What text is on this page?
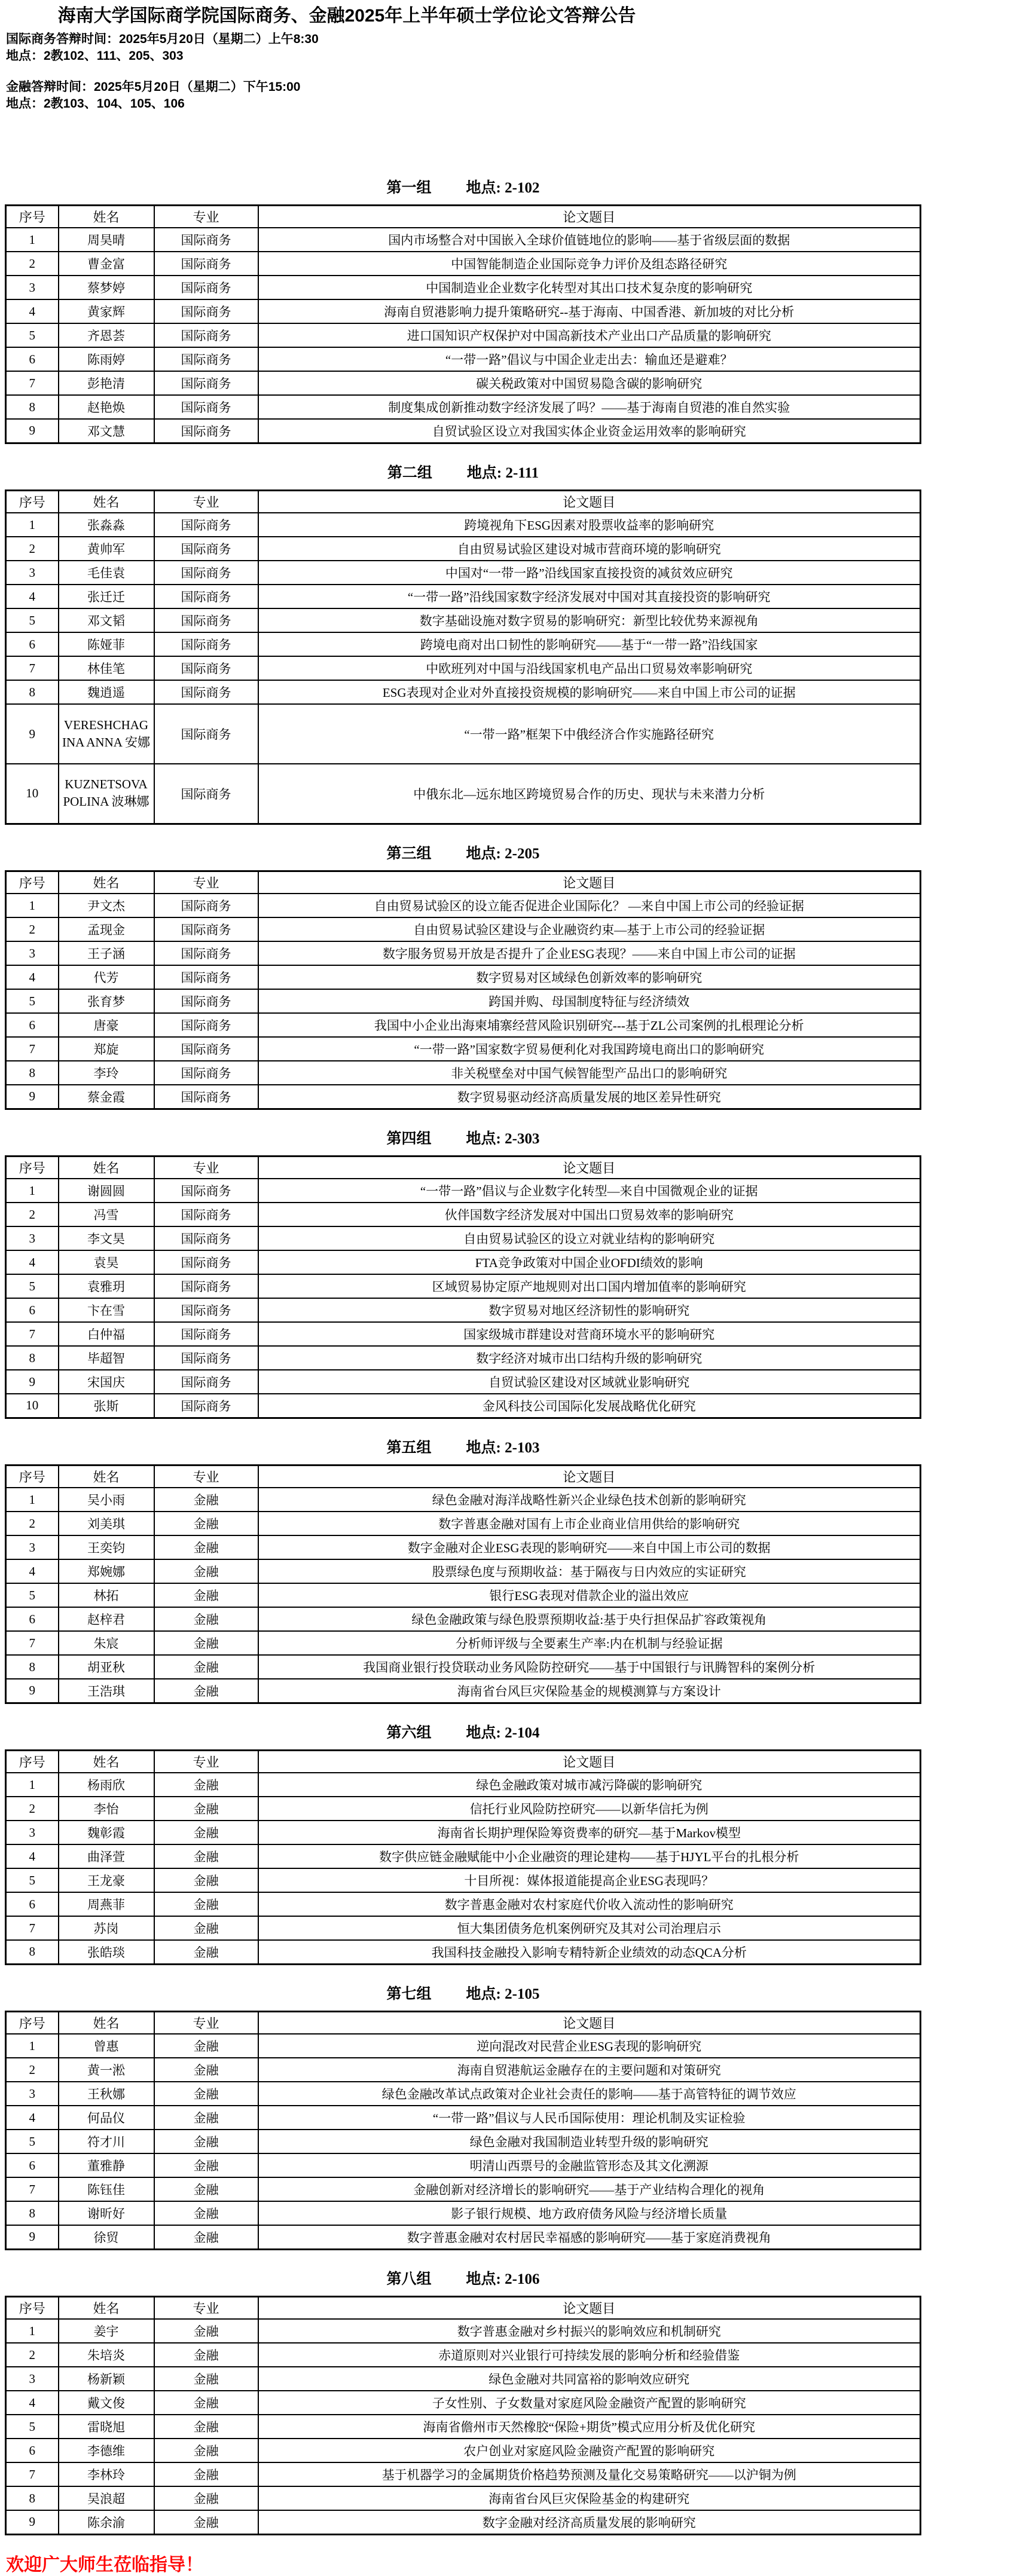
海南大学国际商学院国际商务、金融2025年上半年硕士学位论文答辩公告
国际商务答辩时间：2025年5月20日（星期二）上午8:30
地点：2教102、111、205、303
金融答辩时间：2025年5月20日（星期二）下午15:00
地点：2教103、104、105、106
第一组 地点: 2-102
序号	姓名	专业	论文题目
1	周昊晴	国际商务	国内市场整合对中国嵌入全球价值链地位的影响——基于省级层面的数据
2	曹金富	国际商务	中国智能制造企业国际竞争力评价及组态路径研究
3	蔡梦婷	国际商务	中国制造业企业数字化转型对其出口技术复杂度的影响研究
4	黄家辉	国际商务	海南自贸港影响力提升策略研究--基于海南、中国香港、新加坡的对比分析
5	齐恩荟	国际商务	进口国知识产权保护对中国高新技术产业出口产品质量的影响研究
6	陈雨婷	国际商务	“一带一路”倡议与中国企业走出去：输血还是避难？
7	彭艳清	国际商务	碳关税政策对中国贸易隐含碳的影响研究
8	赵艳焕	国际商务	制度集成创新推动数字经济发展了吗？——基于海南自贸港的准自然实验
9	邓文慧	国际商务	自贸试验区设立对我国实体企业资金运用效率的影响研究
第二组 地点: 2-111
序号	姓名	专业	论文题目
1	张淼淼	国际商务	跨境视角下ESG因素对股票收益率的影响研究
2	黄帅军	国际商务	自由贸易试验区建设对城市营商环境的影响研究
3	毛佳袁	国际商务	中国对“一带一路”沿线国家直接投资的减贫效应研究
4	张迁迁	国际商务	“一带一路”沿线国家数字经济发展对中国对其直接投资的影响研究
5	邓文韬	国际商务	数字基础设施对数字贸易的影响研究：新型比较优势来源视角
6	陈娅菲	国际商务	跨境电商对出口韧性的影响研究——基于“一带一路”沿线国家
7	林佳笔	国际商务	中欧班列对中国与沿线国家机电产品出口贸易效率影响研究
8	魏逍遥	国际商务	ESG表现对企业对外直接投资规模的影响研究——来自中国上市公司的证据
9	VERESHCHAGINA ANNA 安娜	国际商务	“一带一路”框架下中俄经济合作实施路径研究
10	KUZNETSOVA POLINA 波琳娜	国际商务	中俄东北—远东地区跨境贸易合作的历史、现状与未来潜力分析
第三组 地点: 2-205
序号	姓名	专业	论文题目
1	尹文杰	国际商务	自由贸易试验区的设立能否促进企业国际化？ —来自中国上市公司的经验证据
2	孟现金	国际商务	自由贸易试验区建设与企业融资约束—基于上市公司的经验证据
3	王子涵	国际商务	数字服务贸易开放是否提升了企业ESG表现？——来自中国上市公司的证据
4	代芳	国际商务	数字贸易对区域绿色创新效率的影响研究
5	张育梦	国际商务	跨国并购、母国制度特征与经济绩效
6	唐豪	国际商务	我国中小企业出海柬埔寨经营风险识别研究---基于ZL公司案例的扎根理论分析
7	郑旋	国际商务	“一带一路”国家数字贸易便利化对我国跨境电商出口的影响研究
8	李玲	国际商务	非关税壁垒对中国气候智能型产品出口的影响研究
9	蔡金霞	国际商务	数字贸易驱动经济高质量发展的地区差异性研究
第四组 地点: 2-303
序号	姓名	专业	论文题目
1	谢圆圆	国际商务	“一带一路”倡议与企业数字化转型—来自中国微观企业的证据
2	冯雪	国际商务	伙伴国数字经济发展对中国出口贸易效率的影响研究
3	李文昊	国际商务	自由贸易试验区的设立对就业结构的影响研究
4	袁昊	国际商务	FTA竞争政策对中国企业OFDI绩效的影响
5	袁雅玥	国际商务	区域贸易协定原产地规则对出口国内增加值率的影响研究
6	卞在雪	国际商务	数字贸易对地区经济韧性的影响研究
7	白仲福	国际商务	国家级城市群建设对营商环境水平的影响研究
8	毕超智	国际商务	数字经济对城市出口结构升级的影响研究
9	宋国庆	国际商务	自贸试验区建设对区域就业影响研究
10	张斯	国际商务	金风科技公司国际化发展战略优化研究
第五组 地点: 2-103
序号	姓名	专业	论文题目
1	吴小雨	金融	绿色金融对海洋战略性新兴企业绿色技术创新的影响研究
2	刘美琪	金融	数字普惠金融对国有上市企业商业信用供给的影响研究
3	王奕钧	金融	数字金融对企业ESG表现的影响研究——来自中国上市公司的数据
4	郑婉娜	金融	股票绿色度与预期收益：基于隔夜与日内效应的实证研究
5	林拓	金融	银行ESG表现对借款企业的溢出效应
6	赵梓君	金融	绿色金融政策与绿色股票预期收益:基于央行担保品扩容政策视角
7	朱宸	金融	分析师评级与全要素生产率:内在机制与经验证据
8	胡亚秋	金融	我国商业银行投贷联动业务风险防控研究——基于中国银行与讯腾智科的案例分析
9	王浩琪	金融	海南省台风巨灾保险基金的规模测算与方案设计
第六组 地点: 2-104
序号	姓名	专业	论文题目
1	杨雨欣	金融	绿色金融政策对城市减污降碳的影响研究
2	李怡	金融	信托行业风险防控研究——以新华信托为例
3	魏彰霞	金融	海南省长期护理保险筹资费率的研究—基于Markov模型
4	曲泽萱	金融	数字供应链金融赋能中小企业融资的理论建构——基于HJYL平台的扎根分析
5	王龙豪	金融	十目所视：媒体报道能提高企业ESG表现吗？
6	周燕菲	金融	数字普惠金融对农村家庭代价收入流动性的影响研究
7	苏岗	金融	恒大集团债务危机案例研究及其对公司治理启示
8	张皓琰	金融	我国科技金融投入影响专精特新企业绩效的动态QCA分析
第七组 地点: 2-105
序号	姓名	专业	论文题目
1	曾惠	金融	逆向混改对民营企业ESG表现的影响研究
2	黄一淞	金融	海南自贸港航运金融存在的主要问题和对策研究
3	王秋娜	金融	绿色金融改革试点政策对企业社会责任的影响——基于高管特征的调节效应
4	何品仪	金融	“一带一路”倡议与人民币国际使用：理论机制及实证检验
5	符才川	金融	绿色金融对我国制造业转型升级的影响研究
6	董雅静	金融	明清山西票号的金融监管形态及其文化溯源
7	陈钰佳	金融	金融创新对经济增长的影响研究——基于产业结构合理化的视角
8	谢昕好	金融	影子银行规模、地方政府债务风险与经济增长质量
9	徐贸	金融	数字普惠金融对农村居民幸福感的影响研究——基于家庭消费视角
第八组 地点: 2-106
序号	姓名	专业	论文题目
1	姜宇	金融	数字普惠金融对乡村振兴的影响效应和机制研究
2	朱培炎	金融	赤道原则对兴业银行可持续发展的影响分析和经验借鉴
3	杨新颖	金融	绿色金融对共同富裕的影响效应研究
4	戴文俊	金融	子女性别、子女数量对家庭风险金融资产配置的影响研究
5	雷晓旭	金融	海南省儋州市天然橡胶“保险+期货”模式应用分析及优化研究
6	李德维	金融	农户创业对家庭风险金融资产配置的影响研究
7	李林玲	金融	基于机器学习的金属期货价格趋势预测及量化交易策略研究——以沪铜为例
8	吴浪超	金融	海南省台风巨灾保险基金的构建研究
9	陈余渝	金融	数字金融对经济高质量发展的影响研究
欢迎广大师生莅临指导！
